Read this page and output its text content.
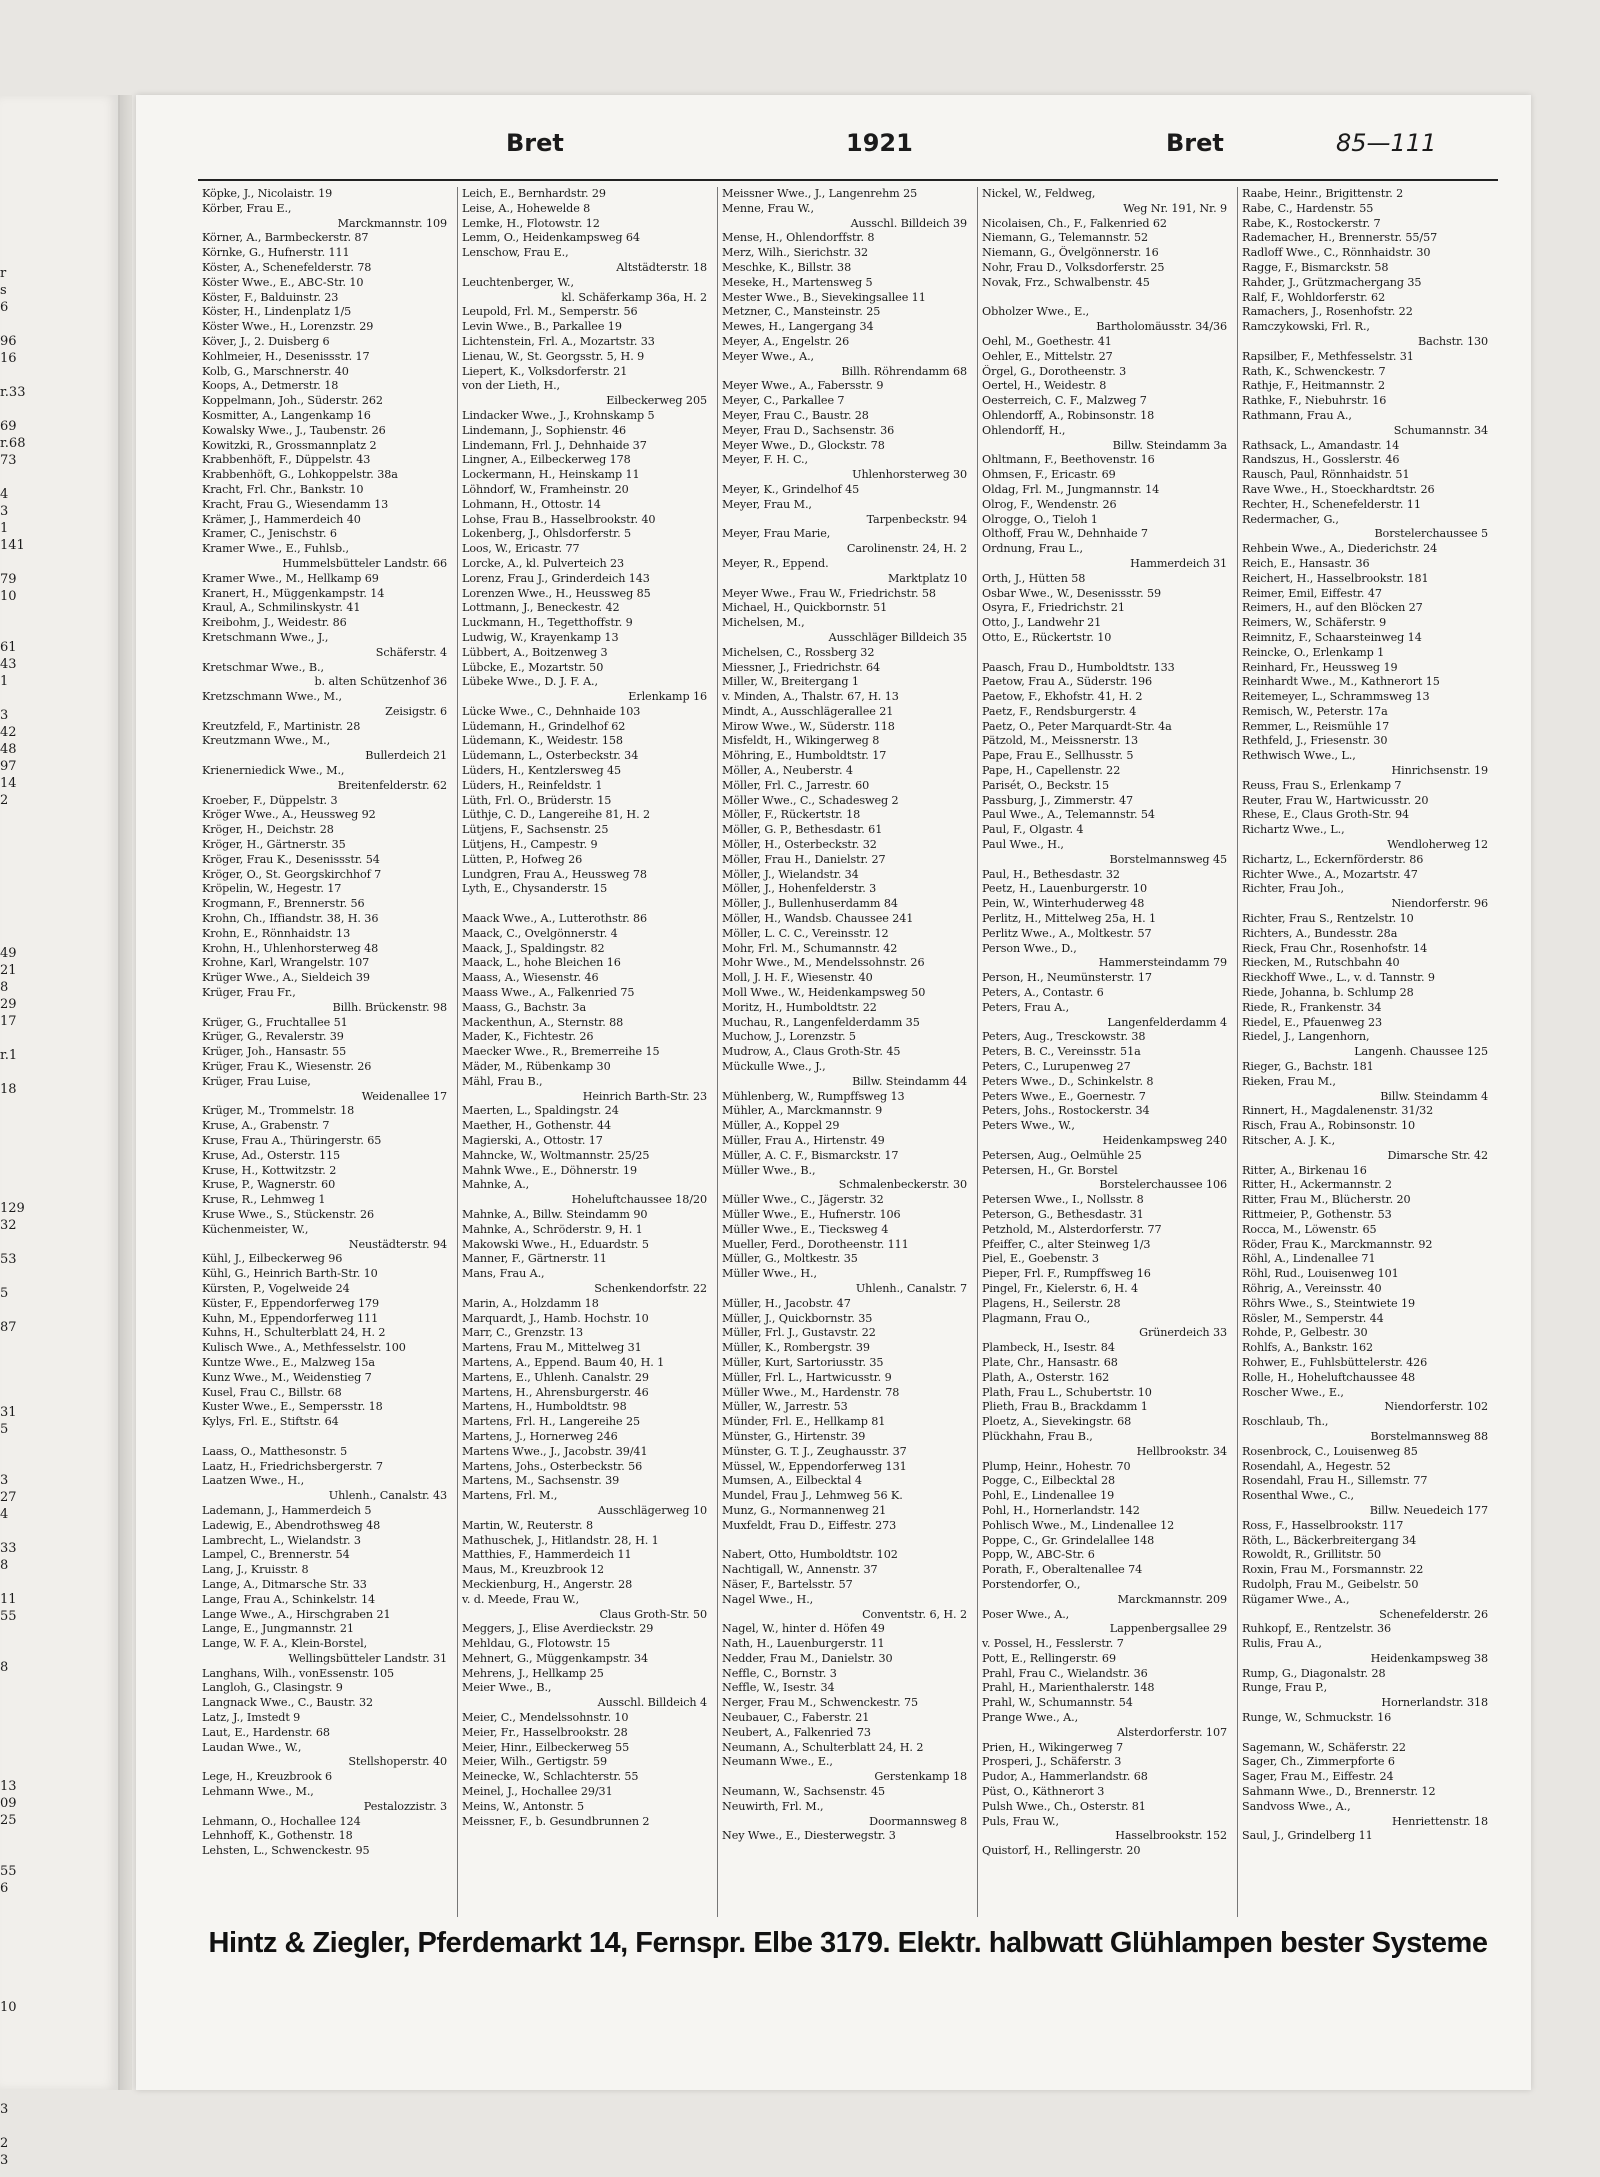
r
s
6
96
16
r.33
69
r.68
73
4
3
1
141
79
10
61
43
1
3
42
48
97
14
2
49
21
8
29
17
r.1
18
129
32
53
5
87
31
5
3
27
4
33
8
11
55
8
13
09
25
55
6
10
3
2
3
Bret	1921	Bret	85—111
Köpke, J., Nicolaistr. 19
Körber, Frau E.,
Marckmannstr. 109
Körner, A., Barmbeckerstr. 87
Körnke, G., Hufnerstr. 111
Köster, A., Schenefelderstr. 78
Köster Wwe., E., ABC-Str. 10
Köster, F., Balduinstr. 23
Köster, H., Lindenplatz 1/5
Köster Wwe., H., Lorenzstr. 29
Köver, J., 2. Duisberg 6
Kohlmeier, H., Desenissstr. 17
Kolb, G., Marschnerstr. 40
Koops, A., Detmerstr. 18
Koppelmann, Joh., Süderstr. 262
Kosmitter, A., Langenkamp 16
Kowalsky Wwe., J., Taubenstr. 26
Kowitzki, R., Grossmannplatz 2
Krabbenhöft, F., Düppelstr. 43
Krabbenhöft, G., Lohkoppelstr. 38a
Kracht, Frl. Chr., Bankstr. 10
Kracht, Frau G., Wiesendamm 13
Krämer, J., Hammerdeich 40
Kramer, C., Jenischstr. 6
Kramer Wwe., E., Fuhlsb.,
Hummelsbütteler Landstr. 66
Kramer Wwe., M., Hellkamp 69
Kranert, H., Müggenkampstr. 14
Kraul, A., Schmilinskystr. 41
Kreibohm, J., Weidestr. 86
Kretschmann Wwe., J.,
Schäferstr. 4
Kretschmar Wwe., B.,
b. alten Schützenhof 36
Kretzschmann Wwe., M.,
Zeisigstr. 6
Kreutzfeld, F., Martinistr. 28
Kreutzmann Wwe., M.,
Bullerdeich 21
Krienerniedick Wwe., M.,
Breitenfelderstr. 62
Kroeber, F., Düppelstr. 3
Kröger Wwe., A., Heussweg 92
Kröger, H., Deichstr. 28
Kröger, H., Gärtnerstr. 35
Kröger, Frau K., Desenissstr. 54
Kröger, O., St. Georgskirchhof 7
Kröpelin, W., Hegestr. 17
Krogmann, F., Brennerstr. 56
Krohn, Ch., Iffiandstr. 38, H. 36
Krohn, E., Rönnhaidstr. 13
Krohn, H., Uhlenhorsterweg 48
Krohne, Karl, Wrangelstr. 107
Krüger Wwe., A., Sieldeich 39
Krüger, Frau Fr.,
Billh. Brückenstr. 98
Krüger, G., Fruchtallee 51
Krüger, G., Revalerstr. 39
Krüger, Joh., Hansastr. 55
Krüger, Frau K., Wiesenstr. 26
Krüger, Frau Luise,
Weidenallee 17
Krüger, M., Trommelstr. 18
Kruse, A., Grabenstr. 7
Kruse, Frau A., Thüringerstr. 65
Kruse, Ad., Osterstr. 115
Kruse, H., Kottwitzstr. 2
Kruse, P., Wagnerstr. 60
Kruse, R., Lehmweg 1
Kruse Wwe., S., Stückenstr. 26
Küchenmeister, W.,
Neustädterstr. 94
Kühl, J., Eilbeckerweg 96
Kühl, G., Heinrich Barth-Str. 10
Kürsten, P., Vogelweide 24
Küster, F., Eppendorferweg 179
Kuhn, M., Eppendorferweg 111
Kuhns, H., Schulterblatt 24, H. 2
Kulisch Wwe., A., Methfesselstr. 100
Kuntze Wwe., E., Malzweg 15a
Kunz Wwe., M., Weidenstieg 7
Kusel, Frau C., Billstr. 68
Kuster Wwe., E., Sempersstr. 18
Kylys, Frl. E., Stiftstr. 64

Laass, O., Matthesonstr. 5
Laatz, H., Friedrichsbergerstr. 7
Laatzen Wwe., H.,
Uhlenh., Canalstr. 43
Lademann, J., Hammerdeich 5
Ladewig, E., Abendrothsweg 48
Lambrecht, L., Wielandstr. 3
Lampel, C., Brennerstr. 54
Lang, J., Kruisstr. 8
Lange, A., Ditmarsche Str. 33
Lange, Frau A., Schinkelstr. 14
Lange Wwe., A., Hirschgraben 21
Lange, E., Jungmannstr. 21
Lange, W. F. A., Klein-Borstel,
Wellingsbütteler Landstr. 31
Langhans, Wilh., vonEssenstr. 105
Langloh, G., Clasingstr. 9
Langnack Wwe., C., Baustr. 32
Latz, J., Imstedt 9
Laut, E., Hardenstr. 68
Laudan Wwe., W.,
Stellshoperstr. 40
Lege, H., Kreuzbrook 6
Lehmann Wwe., M.,
Pestalozzistr. 3
Lehmann, O., Hochallee 124
Lehnhoff, K., Gothenstr. 18
Lehsten, L., Schwenckestr. 95
Leich, E., Bernhardstr. 29
Leise, A., Hohewelde 8
Lemke, H., Flotowstr. 12
Lemm, O., Heidenkampsweg 64
Lenschow, Frau E.,
Altstädterstr. 18
Leuchtenberger, W.,
kl. Schäferkamp 36a, H. 2
Leupold, Frl. M., Semperstr. 56
Levin Wwe., B., Parkallee 19
Lichtenstein, Frl. A., Mozartstr. 33
Lienau, W., St. Georgsstr. 5, H. 9
Liepert, K., Volksdorferstr. 21
von der Lieth, H.,
Eilbeckerweg 205
Lindacker Wwe., J., Krohnskamp 5
Lindemann, J., Sophienstr. 46
Lindemann, Frl. J., Dehnhaide 37
Lingner, A., Eilbeckerweg 178
Lockermann, H., Heinskamp 11
Löhndorf, W., Framheinstr. 20
Lohmann, H., Ottostr. 14
Lohse, Frau B., Hasselbrookstr. 40
Lokenberg, J., Ohlsdorferstr. 5
Loos, W., Ericastr. 77
Lorcke, A., kl. Pulverteich 23
Lorenz, Frau J., Grinderdeich 143
Lorenzen Wwe., H., Heussweg 85
Lottmann, J., Beneckestr. 42
Luckmann, H., Tegetthoffstr. 9
Ludwig, W., Krayenkamp 13
Lübbert, A., Boitzenweg 3
Lübcke, E., Mozartstr. 50
Lübeke Wwe., D. J. F. A.,
Erlenkamp 16
Lücke Wwe., C., Dehnhaide 103
Lüdemann, H., Grindelhof 62
Lüdemann, K., Weidestr. 158
Lüdemann, L., Osterbeckstr. 34
Lüders, H., Kentzlersweg 45
Lüders, H., Reinfeldstr. 1
Lüth, Frl. O., Brüderstr. 15
Lüthje, C. D., Langereihe 81, H. 2
Lütjens, F., Sachsenstr. 25
Lütjens, H., Campestr. 9
Lütten, P., Hofweg 26
Lundgren, Frau A., Heussweg 78
Lyth, E., Chysanderstr. 15

Maack Wwe., A., Lutterothstr. 86
Maack, C., Ovelgönnerstr. 4
Maack, J., Spaldingstr. 82
Maack, L., hohe Bleichen 16
Maass, A., Wiesenstr. 46
Maass Wwe., A., Falkenried 75
Maass, G., Bachstr. 3a
Mackenthun, A., Sternstr. 88
Mader, K., Fichtestr. 26
Maecker Wwe., R., Bremerreihe 15
Mäder, M., Rübenkamp 30
Mähl, Frau B.,
Heinrich Barth-Str. 23
Maerten, L., Spaldingstr. 24
Maether, H., Gothenstr. 44
Magierski, A., Ottostr. 17
Mahncke, W., Woltmannstr. 25/25
Mahnk Wwe., E., Döhnerstr. 19
Mahnke, A.,
Hoheluftchaussee 18/20
Mahnke, A., Billw. Steindamm 90
Mahnke, A., Schröderstr. 9, H. 1
Makowski Wwe., H., Eduardstr. 5
Manner, F., Gärtnerstr. 11
Mans, Frau A.,
Schenkendorfstr. 22
Marin, A., Holzdamm 18
Marquardt, J., Hamb. Hochstr. 10
Marr, C., Grenzstr. 13
Martens, Frau M., Mittelweg 31
Martens, A., Eppend. Baum 40, H. 1
Martens, E., Uhlenh. Canalstr. 29
Martens, H., Ahrensburgerstr. 46
Martens, H., Humboldtstr. 98
Martens, Frl. H., Langereihe 25
Martens, J., Hornerweg 246
Martens Wwe., J., Jacobstr. 39/41
Martens, Johs., Osterbeckstr. 56
Martens, M., Sachsenstr. 39
Martens, Frl. M.,
Ausschlägerweg 10
Martin, W., Reuterstr. 8
Mathuschek, J., Hitlandstr. 28, H. 1
Matthies, F., Hammerdeich 11
Maus, M., Kreuzbrook 12
Meckienburg, H., Angerstr. 28
v. d. Meede, Frau W.,
Claus Groth-Str. 50
Meggers, J., Elise Averdieckstr. 29
Mehldau, G., Flotowstr. 15
Mehnert, G., Müggenkampstr. 34
Mehrens, J., Hellkamp 25
Meier Wwe., B.,
Ausschl. Billdeich 4
Meier, C., Mendelssohnstr. 10
Meier, Fr., Hasselbrookstr. 28
Meier, Hinr., Eilbeckerweg 55
Meier, Wilh., Gertigstr. 59
Meinecke, W., Schlachterstr. 55
Meinel, J., Hochallee 29/31
Meins, W., Antonstr. 5
Meissner, F., b. Gesundbrunnen 2
Meissner Wwe., J., Langenrehm 25
Menne, Frau W.,
Ausschl. Billdeich 39
Mense, H., Ohlendorffstr. 8
Merz, Wilh., Sierichstr. 32
Meschke, K., Billstr. 38
Meseke, H., Martensweg 5
Mester Wwe., B., Sievekingsallee 11
Metzner, C., Mansteinstr. 25
Mewes, H., Langergang 34
Meyer, A., Engelstr. 26
Meyer Wwe., A.,
Billh. Röhrendamm 68
Meyer Wwe., A., Fabersstr. 9
Meyer, C., Parkallee 7
Meyer, Frau C., Baustr. 28
Meyer, Frau D., Sachsenstr. 36
Meyer Wwe., D., Glockstr. 78
Meyer, F. H. C.,
Uhlenhorsterweg 30
Meyer, K., Grindelhof 45
Meyer, Frau M.,
Tarpenbeckstr. 94
Meyer, Frau Marie,
Carolinenstr. 24, H. 2
Meyer, R., Eppend.
Marktplatz 10
Meyer Wwe., Frau W., Friedrichstr. 58
Michael, H., Quickbornstr. 51
Michelsen, M.,
Ausschläger Billdeich 35
Michelsen, C., Rossberg 32
Miessner, J., Friedrichstr. 64
Miller, W., Breitergang 1
v. Minden, A., Thalstr. 67, H. 13
Mindt, A., Ausschlägerallee 21
Mirow Wwe., W., Süderstr. 118
Misfeldt, H., Wikingerweg 8
Möhring, E., Humboldtstr. 17
Möller, A., Neuberstr. 4
Möller, Frl. C., Jarrestr. 60
Möller Wwe., C., Schadesweg 2
Möller, F., Rückertstr. 18
Möller, G. P., Bethesdastr. 61
Möller, H., Osterbeckstr. 32
Möller, Frau H., Danielstr. 27
Möller, J., Wielandstr. 34
Möller, J., Hohenfelderstr. 3
Möller, J., Bullenhuserdamm 84
Möller, H., Wandsb. Chaussee 241
Möller, L. C. C., Vereinsstr. 12
Mohr, Frl. M., Schumannstr. 42
Mohr Wwe., M., Mendelssohnstr. 26
Moll, J. H. F., Wiesenstr. 40
Moll Wwe., W., Heidenkampsweg 50
Moritz, H., Humboldtstr. 22
Muchau, R., Langenfelderdamm 35
Muchow, J., Lorenzstr. 5
Mudrow, A., Claus Groth-Str. 45
Mückulle Wwe., J.,
Billw. Steindamm 44
Mühlenberg, W., Rumpffsweg 13
Mühler, A., Marckmannstr. 9
Müller, A., Koppel 29
Müller, Frau A., Hirtenstr. 49
Müller, A. C. F., Bismarckstr. 17
Müller Wwe., B.,
Schmalenbeckerstr. 30
Müller Wwe., C., Jägerstr. 32
Müller Wwe., E., Hufnerstr. 106
Müller Wwe., E., Tiecksweg 4
Mueller, Ferd., Dorotheenstr. 111
Müller, G., Moltkestr. 35
Müller Wwe., H.,
Uhlenh., Canalstr. 7
Müller, H., Jacobstr. 47
Müller, J., Quickbornstr. 35
Müller, Frl. J., Gustavstr. 22
Müller, K., Rombergstr. 39
Müller, Kurt, Sartoriusstr. 35
Müller, Frl. L., Hartwicusstr. 9
Müller Wwe., M., Hardenstr. 78
Müller, W., Jarrestr. 53
Münder, Frl. E., Hellkamp 81
Münster, G., Hirtenstr. 39
Münster, G. T. J., Zeughausstr. 37
Müssel, W., Eppendorferweg 131
Mumsen, A., Eilbecktal 4
Mundel, Frau J., Lehmweg 56 K.
Munz, G., Normannenweg 21
Muxfeldt, Frau D., Eiffestr. 273

Nabert, Otto, Humboldtstr. 102
Nachtigall, W., Annenstr. 37
Näser, F., Bartelsstr. 57
Nagel Wwe., H.,
Conventstr. 6, H. 2
Nagel, W., hinter d. Höfen 49
Nath, H., Lauenburgerstr. 11
Nedder, Frau M., Danielstr. 30
Neffle, C., Bornstr. 3
Neffle, W., Isestr. 34
Nerger, Frau M., Schwenckestr. 75
Neubauer, C., Faberstr. 21
Neubert, A., Falkenried 73
Neumann, A., Schulterblatt 24, H. 2
Neumann Wwe., E.,
Gerstenkamp 18
Neumann, W., Sachsenstr. 45
Neuwirth, Frl. M.,
Doormannsweg 8
Ney Wwe., E., Diesterwegstr. 3
Nickel, W., Feldweg,
Weg Nr. 191, Nr. 9
Nicolaisen, Ch., F., Falkenried 62
Niemann, G., Telemannstr. 52
Niemann, G., Övelgönnerstr. 16
Nohr, Frau D., Volksdorferstr. 25
Novak, Frz., Schwalbenstr. 45

Obholzer Wwe., E.,
Bartholomäusstr. 34/36
Oehl, M., Goethestr. 41
Oehler, E., Mittelstr. 27
Örgel, G., Dorotheenstr. 3
Oertel, H., Weidestr. 8
Oesterreich, C. F., Malzweg 7
Ohlendorff, A., Robinsonstr. 18
Ohlendorff, H.,
Billw. Steindamm 3a
Ohltmann, F., Beethovenstr. 16
Ohmsen, F., Ericastr. 69
Oldag, Frl. M., Jungmannstr. 14
Olrog, F., Wendenstr. 26
Olrogge, O., Tieloh 1
Olthoff, Frau W., Dehnhaide 7
Ordnung, Frau L.,
Hammerdeich 31
Orth, J., Hütten 58
Osbar Wwe., W., Desenissstr. 59
Osyra, F., Friedrichstr. 21
Otto, J., Landwehr 21
Otto, E., Rückertstr. 10

Paasch, Frau D., Humboldtstr. 133
Paetow, Frau A., Süderstr. 196
Paetow, F., Ekhofstr. 41, H. 2
Paetz, F., Rendsburgerstr. 4
Paetz, O., Peter Marquardt-Str. 4a
Pätzold, M., Meissnerstr. 13
Pape, Frau E., Sellhusstr. 5
Pape, H., Capellenstr. 22
Parisét, O., Beckstr. 15
Passburg, J., Zimmerstr. 47
Paul Wwe., A., Telemannstr. 54
Paul, F., Olgastr. 4
Paul Wwe., H.,
Borstelmannsweg 45
Paul, H., Bethesdastr. 32
Peetz, H., Lauenburgerstr. 10
Pein, W., Winterhuderweg 48
Perlitz, H., Mittelweg 25a, H. 1
Perlitz Wwe., A., Moltkestr. 57
Person Wwe., D.,
Hammersteindamm 79
Person, H., Neumünsterstr. 17
Peters, A., Contastr. 6
Peters, Frau A.,
Langenfelderdamm 4
Peters, Aug., Tresckowstr. 38
Peters, B. C., Vereinsstr. 51a
Peters, C., Lurupenweg 27
Peters Wwe., D., Schinkelstr. 8
Peters Wwe., E., Goernestr. 7
Peters, Johs., Rostockerstr. 34
Peters Wwe., W.,
Heidenkampsweg 240
Petersen, Aug., Oelmühle 25
Petersen, H., Gr. Borstel
Borstelerchaussee 106
Petersen Wwe., I., Nollsstr. 8
Peterson, G., Bethesdastr. 31
Petzhold, M., Alsterdorferstr. 77
Pfeiffer, C., alter Steinweg 1/3
Piel, E., Goebenstr. 3
Pieper, Frl. F., Rumpffsweg 16
Pingel, Fr., Kielerstr. 6, H. 4
Plagens, H., Seilerstr. 28
Plagmann, Frau O.,
Grünerdeich 33
Plambeck, H., Isestr. 84
Plate, Chr., Hansastr. 68
Plath, A., Osterstr. 162
Plath, Frau L., Schubertstr. 10
Plieth, Frau B., Brackdamm 1
Ploetz, A., Sievekingstr. 68
Plückhahn, Frau B.,
Hellbrookstr. 34
Plump, Heinr., Hohestr. 70
Pogge, C., Eilbecktal 28
Pohl, E., Lindenallee 19
Pohl, H., Hornerlandstr. 142
Pohlisch Wwe., M., Lindenallee 12
Poppe, C., Gr. Grindelallee 148
Popp, W., ABC-Str. 6
Porath, F., Oberaltenallee 74
Porstendorfer, O.,
Marckmannstr. 209
Poser Wwe., A.,
Lappenbergsallee 29
v. Possel, H., Fesslerstr. 7
Pott, E., Rellingerstr. 69
Prahl, Frau C., Wielandstr. 36
Prahl, H., Marienthalerstr. 148
Prahl, W., Schumannstr. 54
Prange Wwe., A.,
Alsterdorferstr. 107
Prien, H., Wikingerweg 7
Prosperi, J., Schäferstr. 3
Pudor, A., Hammerlandstr. 68
Püst, O., Käthnerort 3
Pulsh Wwe., Ch., Osterstr. 81
Puls, Frau W.,
Hasselbrookstr. 152
Quistorf, H., Rellingerstr. 20
Raabe, Heinr., Brigittenstr. 2
Rabe, C., Hardenstr. 55
Rabe, K., Rostockerstr. 7
Rademacher, H., Brennerstr. 55/57
Radloff Wwe., C., Rönnhaidstr. 30
Ragge, F., Bismarckstr. 58
Rahder, J., Grützmachergang 35
Ralf, F., Wohldorferstr. 62
Ramachers, J., Rosenhofstr. 22
Ramczykowski, Frl. R.,
Bachstr. 130
Rapsilber, F., Methfesselstr. 31
Rath, K., Schwenckestr. 7
Rathje, F., Heitmannstr. 2
Rathke, F., Niebuhrstr. 16
Rathmann, Frau A.,
Schumannstr. 34
Rathsack, L., Amandastr. 14
Randszus, H., Gosslerstr. 46
Rausch, Paul, Rönnhaidstr. 51
Rave Wwe., H., Stoeckhardtstr. 26
Rechter, H., Schenefelderstr. 11
Redermacher, G.,
Borstelerchaussee 5
Rehbein Wwe., A., Diederichstr. 24
Reich, E., Hansastr. 36
Reichert, H., Hasselbrookstr. 181
Reimer, Emil, Eiffestr. 47
Reimers, H., auf den Blöcken 27
Reimers, W., Schäferstr. 9
Reimnitz, F., Schaarsteinweg 14
Reincke, O., Erlenkamp 1
Reinhard, Fr., Heussweg 19
Reinhardt Wwe., M., Kathnerort 15
Reitemeyer, L., Schrammsweg 13
Remisch, W., Peterstr. 17a
Remmer, L., Reismühle 17
Rethfeld, J., Friesenstr. 30
Rethwisch Wwe., L.,
Hinrichsenstr. 19
Reuss, Frau S., Erlenkamp 7
Reuter, Frau W., Hartwicusstr. 20
Rhese, E., Claus Groth-Str. 94
Richartz Wwe., L.,
Wendloherweg 12
Richartz, L., Eckernförderstr. 86
Richter Wwe., A., Mozartstr. 47
Richter, Frau Joh.,
Niendorferstr. 96
Richter, Frau S., Rentzelstr. 10
Richters, A., Bundesstr. 28a
Rieck, Frau Chr., Rosenhofstr. 14
Riecken, M., Rutschbahn 40
Rieckhoff Wwe., L., v. d. Tannstr. 9
Riede, Johanna, b. Schlump 28
Riede, R., Frankenstr. 34
Riedel, E., Pfauenweg 23
Riedel, J., Langenhorn,
Langenh. Chaussee 125
Rieger, G., Bachstr. 181
Rieken, Frau M.,
Billw. Steindamm 4
Rinnert, H., Magdalenenstr. 31/32
Risch, Frau A., Robinsonstr. 10
Ritscher, A. J. K.,
Dimarsche Str. 42
Ritter, A., Birkenau 16
Ritter, H., Ackermannstr. 2
Ritter, Frau M., Blücherstr. 20
Rittmeier, P., Gothenstr. 53
Rocca, M., Löwenstr. 65
Röder, Frau K., Marckmannstr. 92
Röhl, A., Lindenallee 71
Röhl, Rud., Louisenweg 101
Röhrig, A., Vereinsstr. 40
Röhrs Wwe., S., Steintwiete 19
Rösler, M., Semperstr. 44
Rohde, P., Gelbestr. 30
Rohlfs, A., Bankstr. 162
Rohwer, E., Fuhlsbüttelerstr. 426
Rolle, H., Hoheluftchaussee 48
Roscher Wwe., E.,
Niendorferstr. 102
Roschlaub, Th.,
Borstelmannsweg 88
Rosenbrock, C., Louisenweg 85
Rosendahl, A., Hegestr. 52
Rosendahl, Frau H., Sillemstr. 77
Rosenthal Wwe., C.,
Billw. Neuedeich 177
Ross, F., Hasselbrookstr. 117
Röth, L., Bäckerbreitergang 34
Rowoldt, R., Grillitstr. 50
Roxin, Frau M., Forsmannstr. 22
Rudolph, Frau M., Geibelstr. 50
Rügamer Wwe., A.,
Schenefelderstr. 26
Ruhkopf, E., Rentzelstr. 36
Rulis, Frau A.,
Heidenkampsweg 38
Rump, G., Diagonalstr. 28
Runge, Frau P.,
Hornerlandstr. 318
Runge, W., Schmuckstr. 16

Sagemann, W., Schäferstr. 22
Sager, Ch., Zimmerpforte 6
Sager, Frau M., Eiffestr. 24
Sahmann Wwe., D., Brennerstr. 12
Sandvoss Wwe., A.,
Henriettenstr. 18
Saul, J., Grindelberg 11
Hintz & Ziegler, Pferdemarkt 14, Fernspr. Elbe 3179. Elektr. halbwatt Glühlampen bester Systeme
